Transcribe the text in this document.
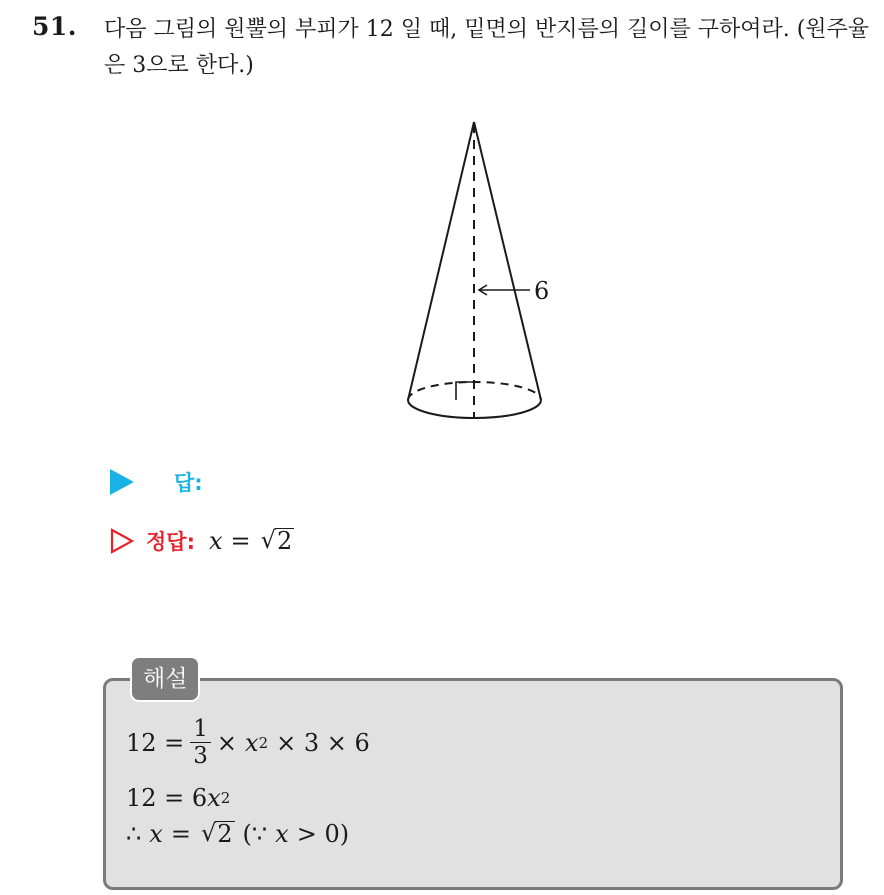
51. 다음 그림의 원뿔의 부피가 12 일 때, 밑면의 반지름의 길이를 구하여라. (원주율은 3으로 한다.)
6
답:
정답: x = √ 2
해설
$12 = \frac{1}{3} \times x$ 2 × 3 × 6
12 = 6 x 2
∴ x = √ 2 (∵ x > 0)
